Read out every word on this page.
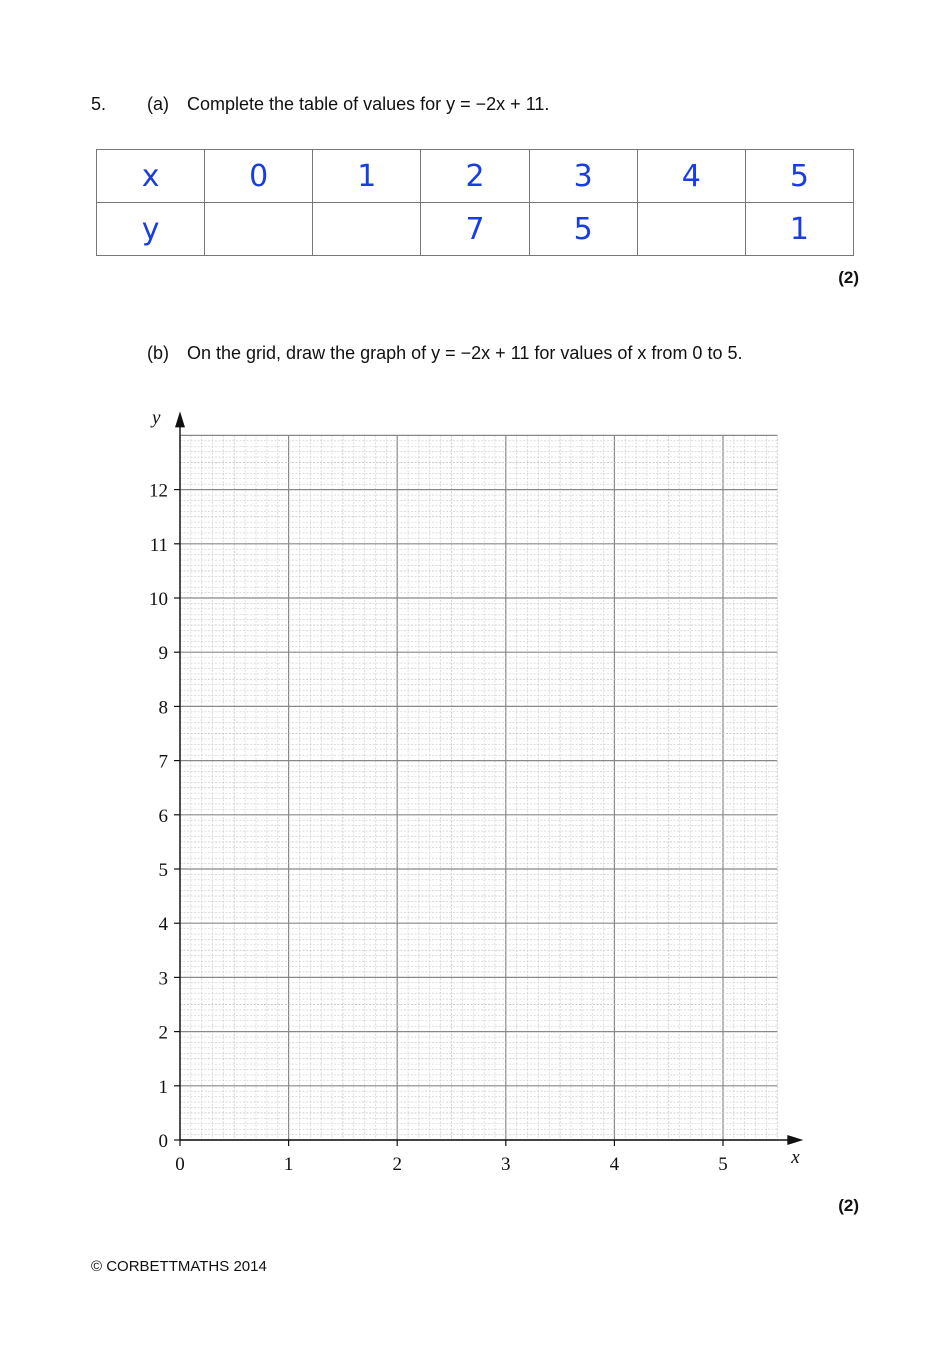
5. (a) Complete the table of values for y = −2x + 11.
x	0	1	2	3	4	5
y			7	5		1
(2)
(b) On the grid, draw the graph of y = −2x + 11 for values of x from 0 to 5.
0	1	2	3	4	5
0
1
2
3
4
5
6
7
8
9
10
11
12
x
y
(2)
© CORBETTMATHS 2014
